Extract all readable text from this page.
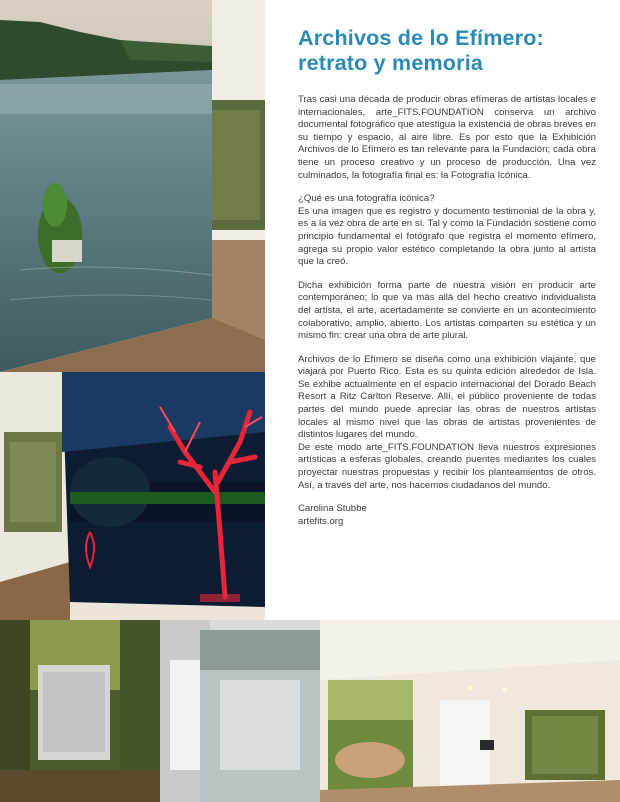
Archivos de lo Efímero:
retrato y memoria

Tras casi una década de producir obras efímeras de artistas locales e internacionales, arte_FITS.FOUNDATION conserva un archivo documental fotográfico que atestigua la existencia de obras breves en su tiempo y espacio, al aire libre. Es por esto que la Exhibición Archivos de lo Efímero es tan relevante para la Fundación; cada obra tiene un proceso creativo y un proceso de producción. Una vez culminados, la fotografía final es: la Fotografía Icónica.

¿Qué es una fotografía icónica?

Es una imagen que es registro y documento testimonial de la obra y, es a la vez obra de arte en sí. Tal y como la Fundación sostiene como principio fundamental el fotógrafo que registra el momento efímero, agrega su propio valor estético completando la obra junto al artista que la creó.

Dicha exhibición forma parte de nuestra visión en producir arte contemporáneo; lo que va más allá del hecho creativo individualista del artista, el arte, acertadamente se convierte en un acontecimiento colaborativo, amplio, abierto. Los artistas comparten su estética y un mismo fin: crear una obra de arte plural.

Archivos de lo Efímero se diseña como una exhibición viajante, que viajará por Puerto Rico. Esta es su quinta edición alrededor de Isla. Se exhibe actualmente en el espacio internacional del Dorado Beach Resort a Ritz Carlton Reserve. Allí, el público proveniente de todas partes del mundo puede apreciar las obras de nuestros artistas locales al mismo nivel que las obras de artistas provenientes de distintos lugares del mundo.

De este modo arte_FITS.FOUNDATION lleva nuestros expresiones artísticas a esferas globales, creando puentes mediantes los cuales proyectar nuestras propuestas y recibir los planteamientos de otros. Así, a través del arte, nos hacemos ciudadanos del mundo.

Carolina Stubbe
artefits.org
